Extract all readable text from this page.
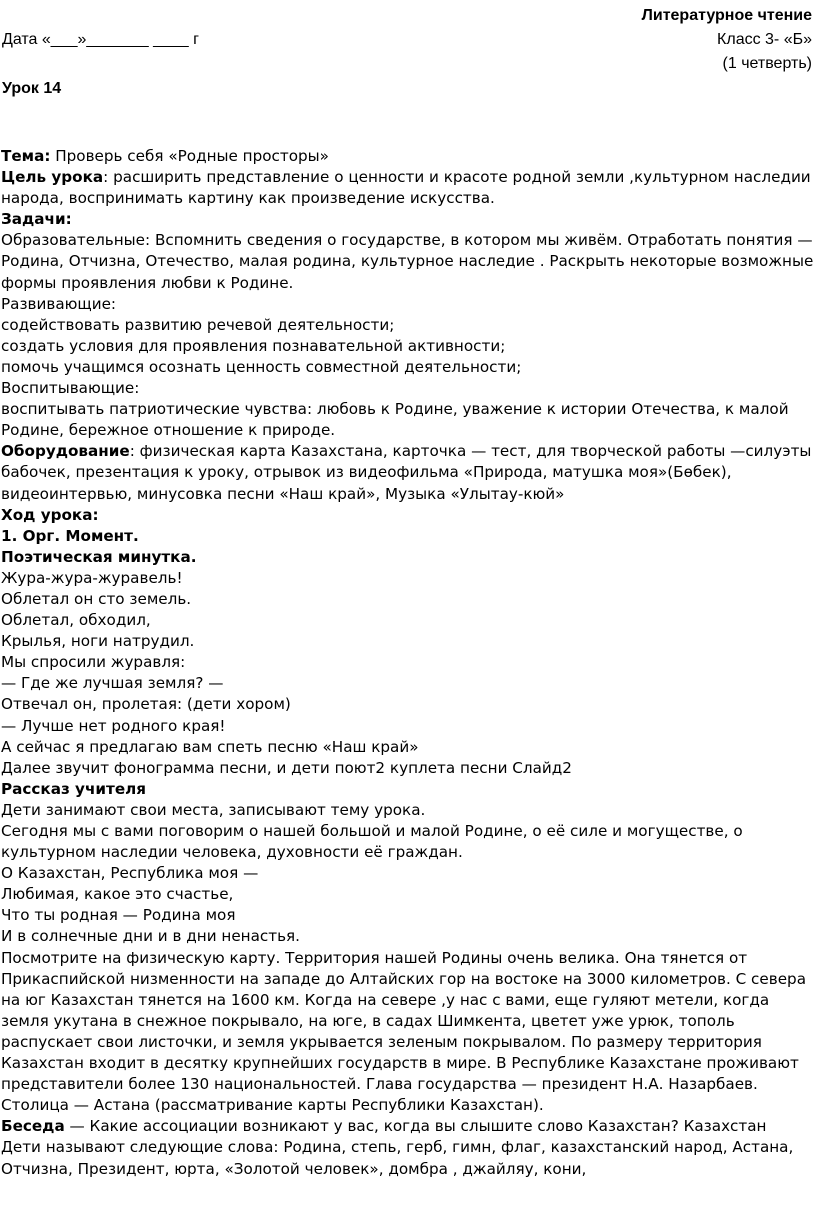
Литературное чтение
Дата «___»_______ ____ г	Класс 3- «Б»
(1 четверть)
Урок 14

Тема: Проверь себя «Родные просторы»

Цель урока: расширить представление о ценности и красоте родной земли ,культурном наследии народа, воспринимать картину как произведение искусства.

Задачи:

Образовательные: Вспомнить сведения о государстве, в котором мы живём. Отработать понятия — Родина, Отчизна, Отечество, малая родина, культурное наследие . Раскрыть некоторые возможные формы проявления любви к Родине.

Развивающие:

содействовать развитию речевой деятельности;

создать условия для проявления познавательной активности;

помочь учащимся осознать ценность совместной деятельности;

Воспитывающие:

воспитывать патриотические чувства: любовь к Родине, уважение к истории Отечества, к малой Родине, бережное отношение к природе.

Оборудование: физическая карта Казахстана, карточка — тест, для творческой работы —силуэты бабочек, презентация к уроку, отрывок из видеофильма «Природа, матушка моя»(Бөбек), видеоинтервью, минусовка песни «Наш край», Музыка «Улытау-кюй»

Ход урока:

1. Орг. Момент.

Поэтическая минутка.

Жура-жура-журавель!

Облетал он сто земель.

Облетал, обходил,

Крылья, ноги натрудил.

Мы спросили журавля:

— Где же лучшая земля? —

Отвечал он, пролетая: (дети хором)

— Лучше нет родного края!

А сейчас я предлагаю вам спеть песню «Наш край»

Далее звучит фонограмма песни, и дети поют2 куплета песни Слайд2

Рассказ учителя

Дети занимают свои места, записывают тему урока.

Сегодня мы с вами поговорим о нашей большой и малой Родине, о её силе и могуществе, о культурном наследии человека, духовности её граждан.

О Казахстан, Республика моя —

Любимая, какое это счастье,

Что ты родная — Родина моя

И в солнечные дни и в дни ненастья.

Посмотрите на физическую карту. Территория нашей Родины очень велика. Она тянется от Прикаспийской низменности на западе до Алтайских гор на востоке на 3000 километров. С севера на юг Казахстан тянется на 1600 км. Когда на севере ,у нас с вами, еще гуляют метели, когда земля укутана в снежное покрывало, на юге, в садах Шимкента, цветет уже урюк, тополь распускает свои листочки, и земля укрывается зеленым покрывалом. По размеру территория Казахстан входит в десятку крупнейших государств в мире. В Республике Казахстане проживают представители более 130 национальностей. Глава государства — президент Н.А. Назарбаев. Столица — Астана (рассматривание карты Республики Казахстан).

Беседа — Какие ассоциации возникают у вас, когда вы слышите слово Казахстан? Казахстан

Дети называют следующие слова: Родина, степь, герб, гимн, флаг, казахстанский народ, Астана, Отчизна, Президент, юрта, «Золотой человек», домбра , джайляу, кони,
